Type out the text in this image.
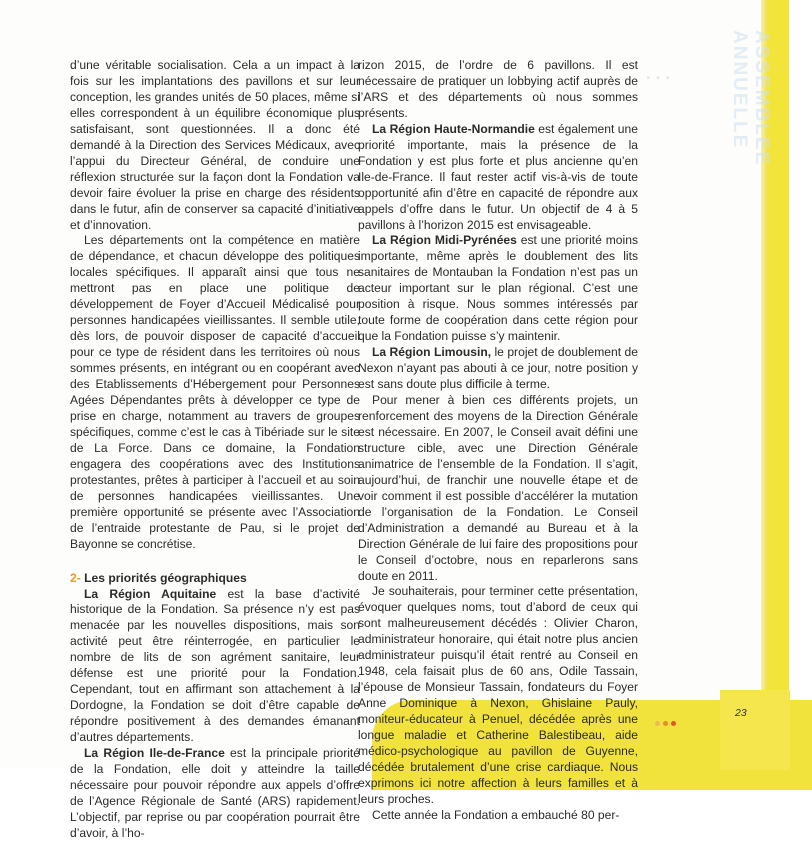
ASSEMBLEE ANNUELLE
...

d’une véritable socialisation. Cela a un impact à la fois sur les implantations des pavillons et sur leur conception, les grandes unités de 50 places, même si elles correspondent à un équilibre économique plus satisfaisant, sont questionnées. Il a donc été demandé à la Direction des Services Médicaux, avec l’appui du Directeur Général, de conduire une réflexion structurée sur la façon dont la Fondation va devoir faire évoluer la prise en charge des résidents dans le futur, afin de conserver sa capacité d’initiative et d’innovation.

Les départements ont la compétence en matière de dépendance, et chacun développe des politiques locales spécifiques. Il apparaît ainsi que tous ne mettront pas en place une politique de développement de Foyer d’Accueil Médicalisé pour personnes handicapées vieillissantes. Il semble utile, dès lors, de pouvoir disposer de capacité d’accueil pour ce type de résident dans les territoires où nous sommes présents, en intégrant ou en coopérant avec des Etablissements d’Hébergement pour Personnes Agées Dépendantes prêts à développer ce type de prise en charge, notamment au travers de groupes spécifiques, comme c’est le cas à Tibériade sur le site de La Force. Dans ce domaine, la Fondation engagera des coopérations avec des Institutions protestantes, prêtes à participer à l’accueil et au soin de personnes handicapées vieillissantes. Une première opportunité se présente avec l’Association de l’entraide protestante de Pau, si le projet de Bayonne se concrétise.

2- Les priorités géographiques

La Région Aquitaine est la base d’activité historique de la Fondation. Sa présence n’y est pas menacée par les nouvelles dispositions, mais son activité peut être réinterrogée, en particulier le nombre de lits de son agrément sanitaire, leur défense est une priorité pour la Fondation. Cependant, tout en affirmant son attachement à la Dordogne, la Fondation se doit d’être capable de répondre positivement à des demandes émanant d’autres départements.

La Région Ile-de-France est la principale priorité de la Fondation, elle doit y atteindre la taille nécessaire pour pouvoir répondre aux appels d’offre de l’Agence Régionale de Santé (ARS) rapidement. L’objectif, par reprise ou par coopération pourrait être d’avoir, à l’ho-

rizon 2015, de l’ordre de 6 pavillons. Il est nécessaire de pratiquer un lobbying actif auprès de l’ARS et des départements où nous sommes présents.

La Région Haute-Normandie est également une priorité importante, mais la présence de la Fondation y est plus forte et plus ancienne qu’en Ile-de-France. Il faut rester actif vis-à-vis de toute opportunité afin d’être en capacité de répondre aux appels d’offre dans le futur. Un objectif de 4 à 5 pavillons à l’horizon 2015 est envisageable.

La Région Midi-Pyrénées est une priorité moins importante, même après le doublement des lits sanitaires de Montauban la Fondation n’est pas un acteur important sur le plan régional. C’est une position à risque. Nous sommes intéressés par toute forme de coopération dans cette région pour que la Fondation puisse s’y maintenir.

La Région Limousin, le projet de doublement de Nexon n’ayant pas abouti à ce jour, notre position y est sans doute plus difficile à terme.

Pour mener à bien ces différents projets, un renforcement des moyens de la Direction Générale est nécessaire. En 2007, le Conseil avait défini une structure cible, avec une Direction Générale animatrice de l’ensemble de la Fondation. Il s’agit, aujourd’hui, de franchir une nouvelle étape et de voir comment il est possible d’accélérer la mutation de l’organisation de la Fondation. Le Conseil d’Administration a demandé au Bureau et à la Direction Générale de lui faire des propositions pour le Conseil d’octobre, nous en reparlerons sans doute en 2011.

Je souhaiterais, pour terminer cette présentation, évoquer quelques noms, tout d’abord de ceux qui sont malheureusement décédés : Olivier Charon, administrateur honoraire, qui était notre plus ancien administrateur puisqu’il était rentré au Conseil en 1948, cela faisait plus de 60 ans, Odile Tassain, l’épouse de Monsieur Tassain, fondateurs du Foyer Anne Dominique à Nexon, Ghislaine Pauly, moniteur-éducateur à Penuel, décédée après une longue maladie et Catherine Balestibeau, aide médico-psychologique au pavillon de Guyenne, décédée brutalement d’une crise cardiaque. Nous exprimons ici notre affection à leurs familles et à leurs proches.

Cette année la Fondation a embauché 80 per-

23
